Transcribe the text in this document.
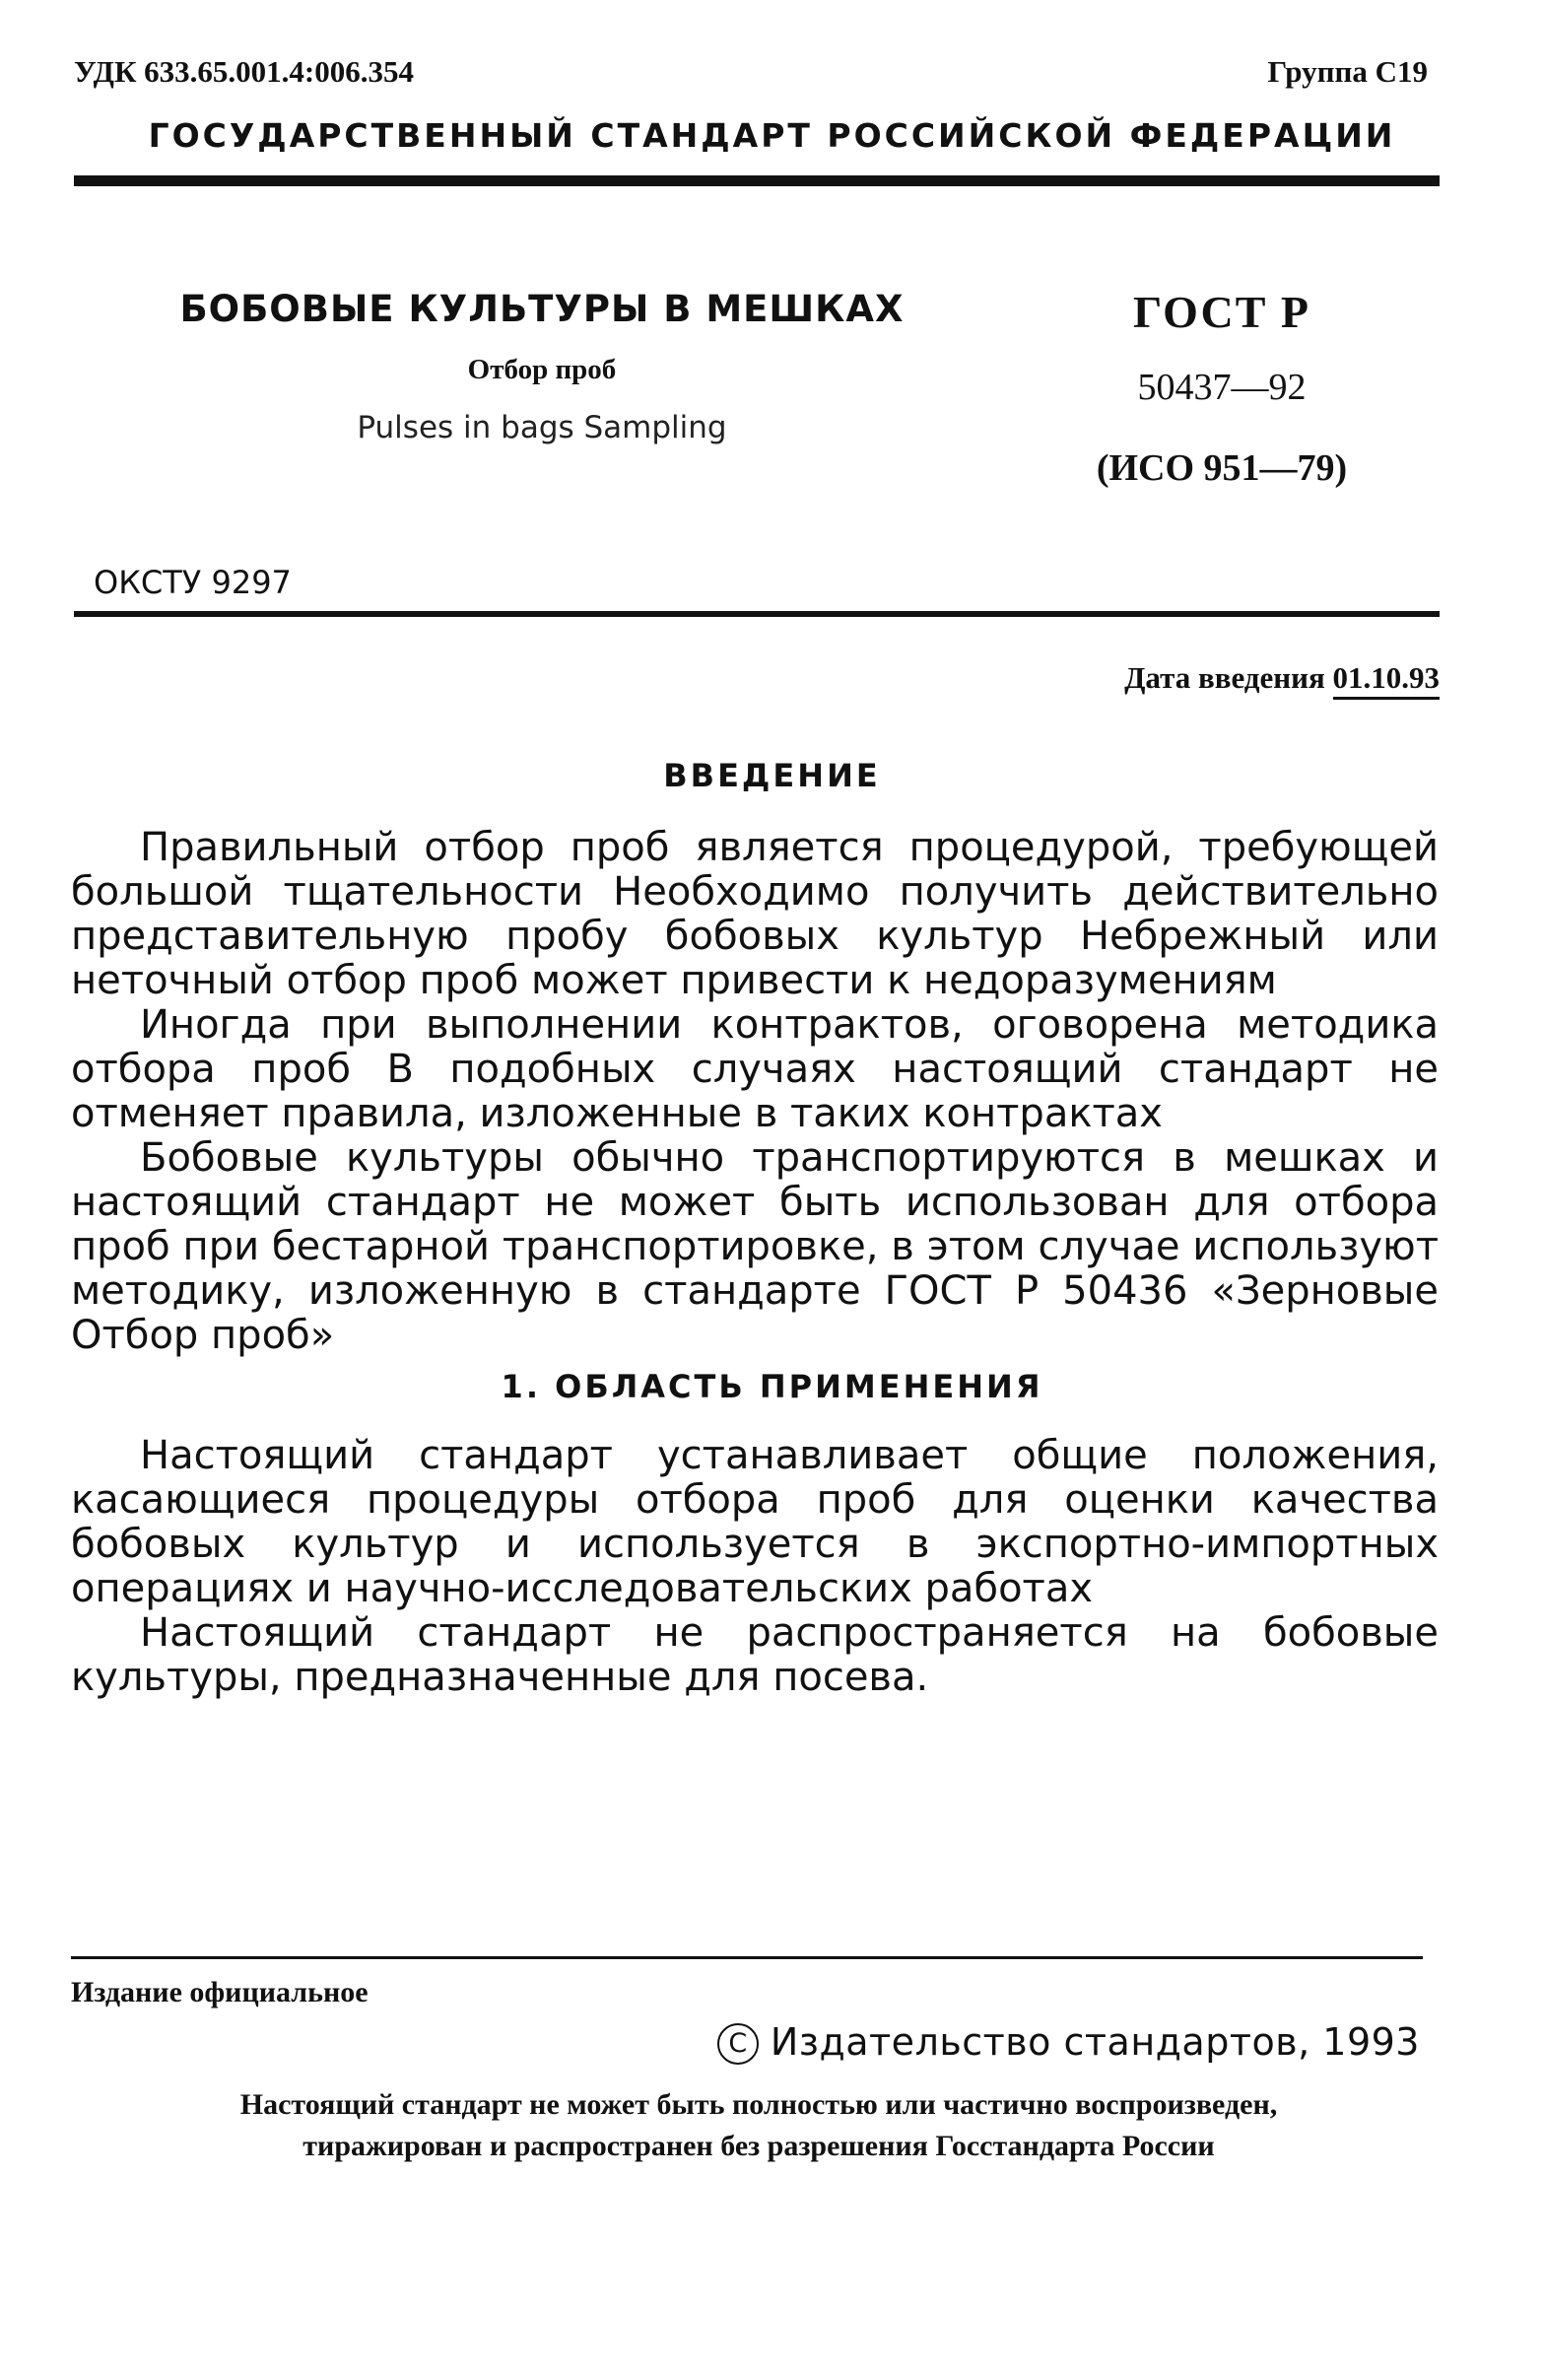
УДК 633.65.001.4:006.354	Группа С19
ГОСУДАРСТВЕННЫЙ СТАНДАРТ РОССИЙСКОЙ ФЕДЕРАЦИИ
БОБОВЫЕ КУЛЬТУРЫ В МЕШКАХ
Отбор проб
Pulses in bags Sampling
ГОСТ Р
50437—92
(ИСО 951—79)
ОКСТУ 9297
Дата введения 01.10.93
ВВЕДЕНИЕ

Правильный отбор проб является процедурой, требующей большой тщательности Необходимо получить действительно представительную пробу бобовых культур Небрежный или неточный отбор проб может привести к недоразумениям

Иногда при выполнении контрактов, оговорена методика отбора проб В подобных случаях настоящий стандарт не отменяет правила, изложенные в таких контрактах

Бобовые культуры обычно транспортируются в мешках и настоящий стандарт не может быть использован для отбора проб при бестарной транспортировке, в этом случае используют методику, изложенную в стандарте ГОСТ Р 50436 «Зерновые Отбор проб»

1. ОБЛАСТЬ ПРИМЕНЕНИЯ

Настоящий стандарт устанавливает общие положения, касающиеся процедуры отбора проб для оценки качества бобовых культур и используется в экспортно-импортных операциях и научно-исследовательских работах

Настоящий стандарт не распространяется на бобовые культуры, предназначенные для посева.

Издание официальное
C Издательство стандартов, 1993
Настоящий стандарт не может быть полностью или частично воспроизведен,
тиражирован и распространен без разрешения Госстандарта России
